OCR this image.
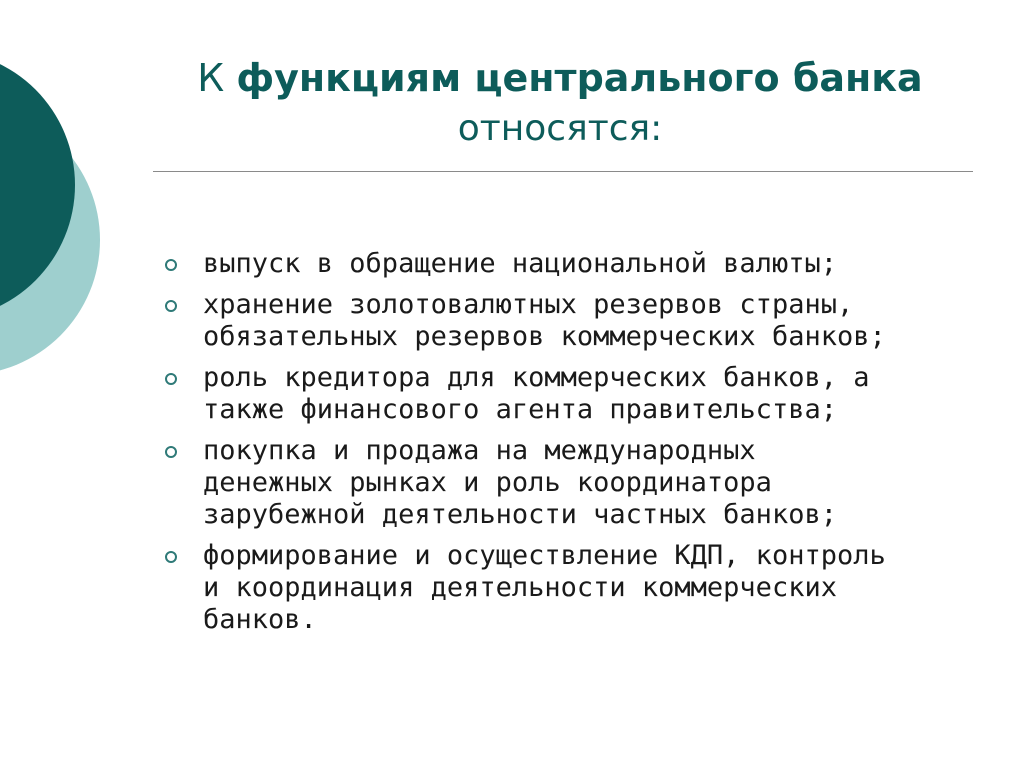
К функциям центрального банка
относятся:
выпуск в обращение национальной валюты;
хранение золотовалютных резервов страны,
обязательных резервов коммерческих банков;
роль кредитора для коммерческих банков, а
также финансового агента правительства;
покупка и продажа на международных
денежных рынках и роль координатора
зарубежной деятельности частных банков;
формирование и осуществление КДП, контроль
и координация деятельности коммерческих
банков.
